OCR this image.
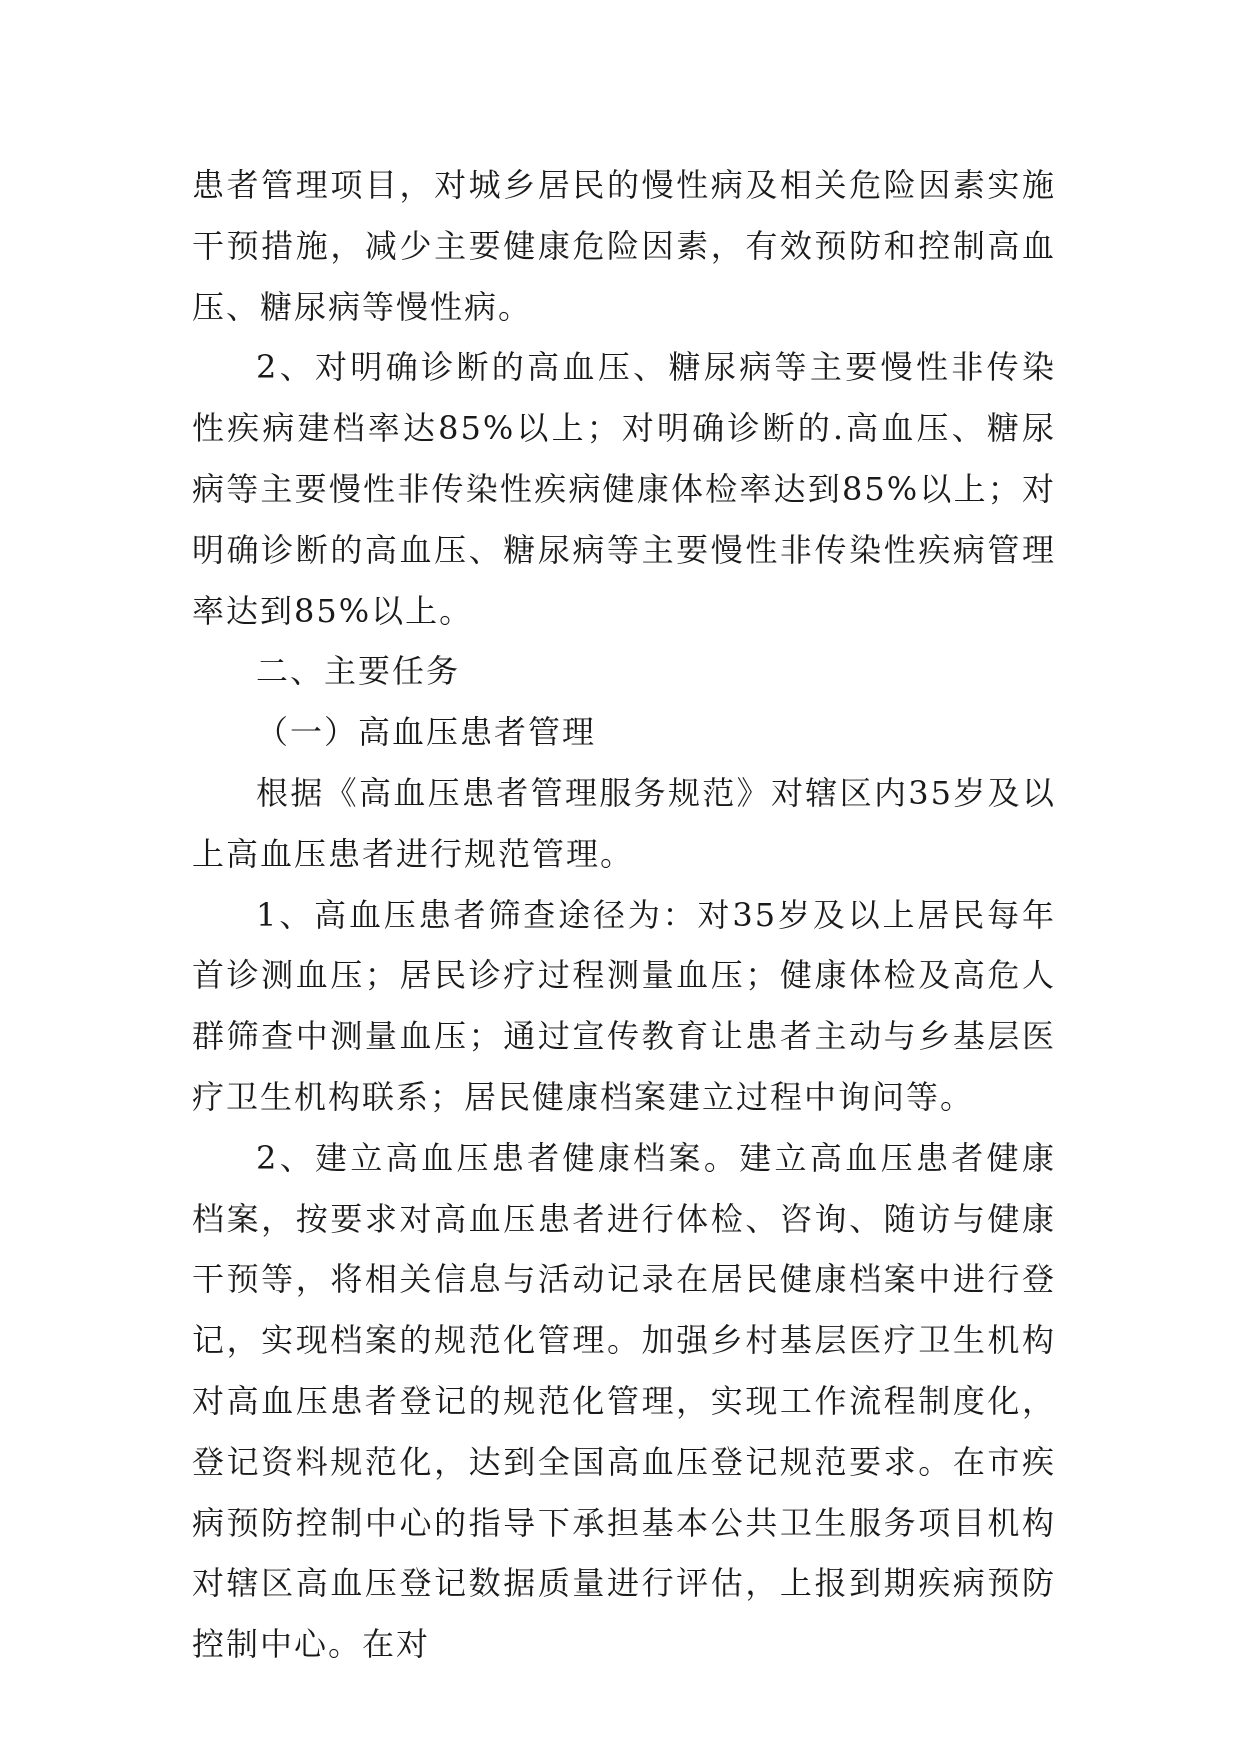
患者管理项目，对城乡居民的慢性病及相关危险因素实施干预措施，减少主要健康危险因素，有效预防和控制高血压、糖尿病等慢性病。

2、对明确诊断的高血压、糖尿病等主要慢性非传染性疾病建档率达85%以上；对明确诊断的.高血压、糖尿病等主要慢性非传染性疾病健康体检率达到85%以上；对明确诊断的高血压、糖尿病等主要慢性非传染性疾病管理率达到85%以上。

二、主要任务

（一）高血压患者管理

根据《高血压患者管理服务规范》对辖区内35岁及以上高血压患者进行规范管理。

1、高血压患者筛查途径为：对35岁及以上居民每年首诊测血压；居民诊疗过程测量血压；健康体检及高危人群筛查中测量血压；通过宣传教育让患者主动与乡基层医疗卫生机构联系；居民健康档案建立过程中询问等。

2、建立高血压患者健康档案。建立高血压患者健康档案，按要求对高血压患者进行体检、咨询、随访与健康干预等，将相关信息与活动记录在居民健康档案中进行登记，实现档案的规范化管理。加强乡村基层医疗卫生机构对高血压患者登记的规范化管理，实现工作流程制度化，登记资料规范化，达到全国高血压登记规范要求。在市疾病预防控制中心的指导下承担基本公共卫生服务项目机构对辖区高血压登记数据质量进行评估，上报到期疾病预防控制中心。在对
